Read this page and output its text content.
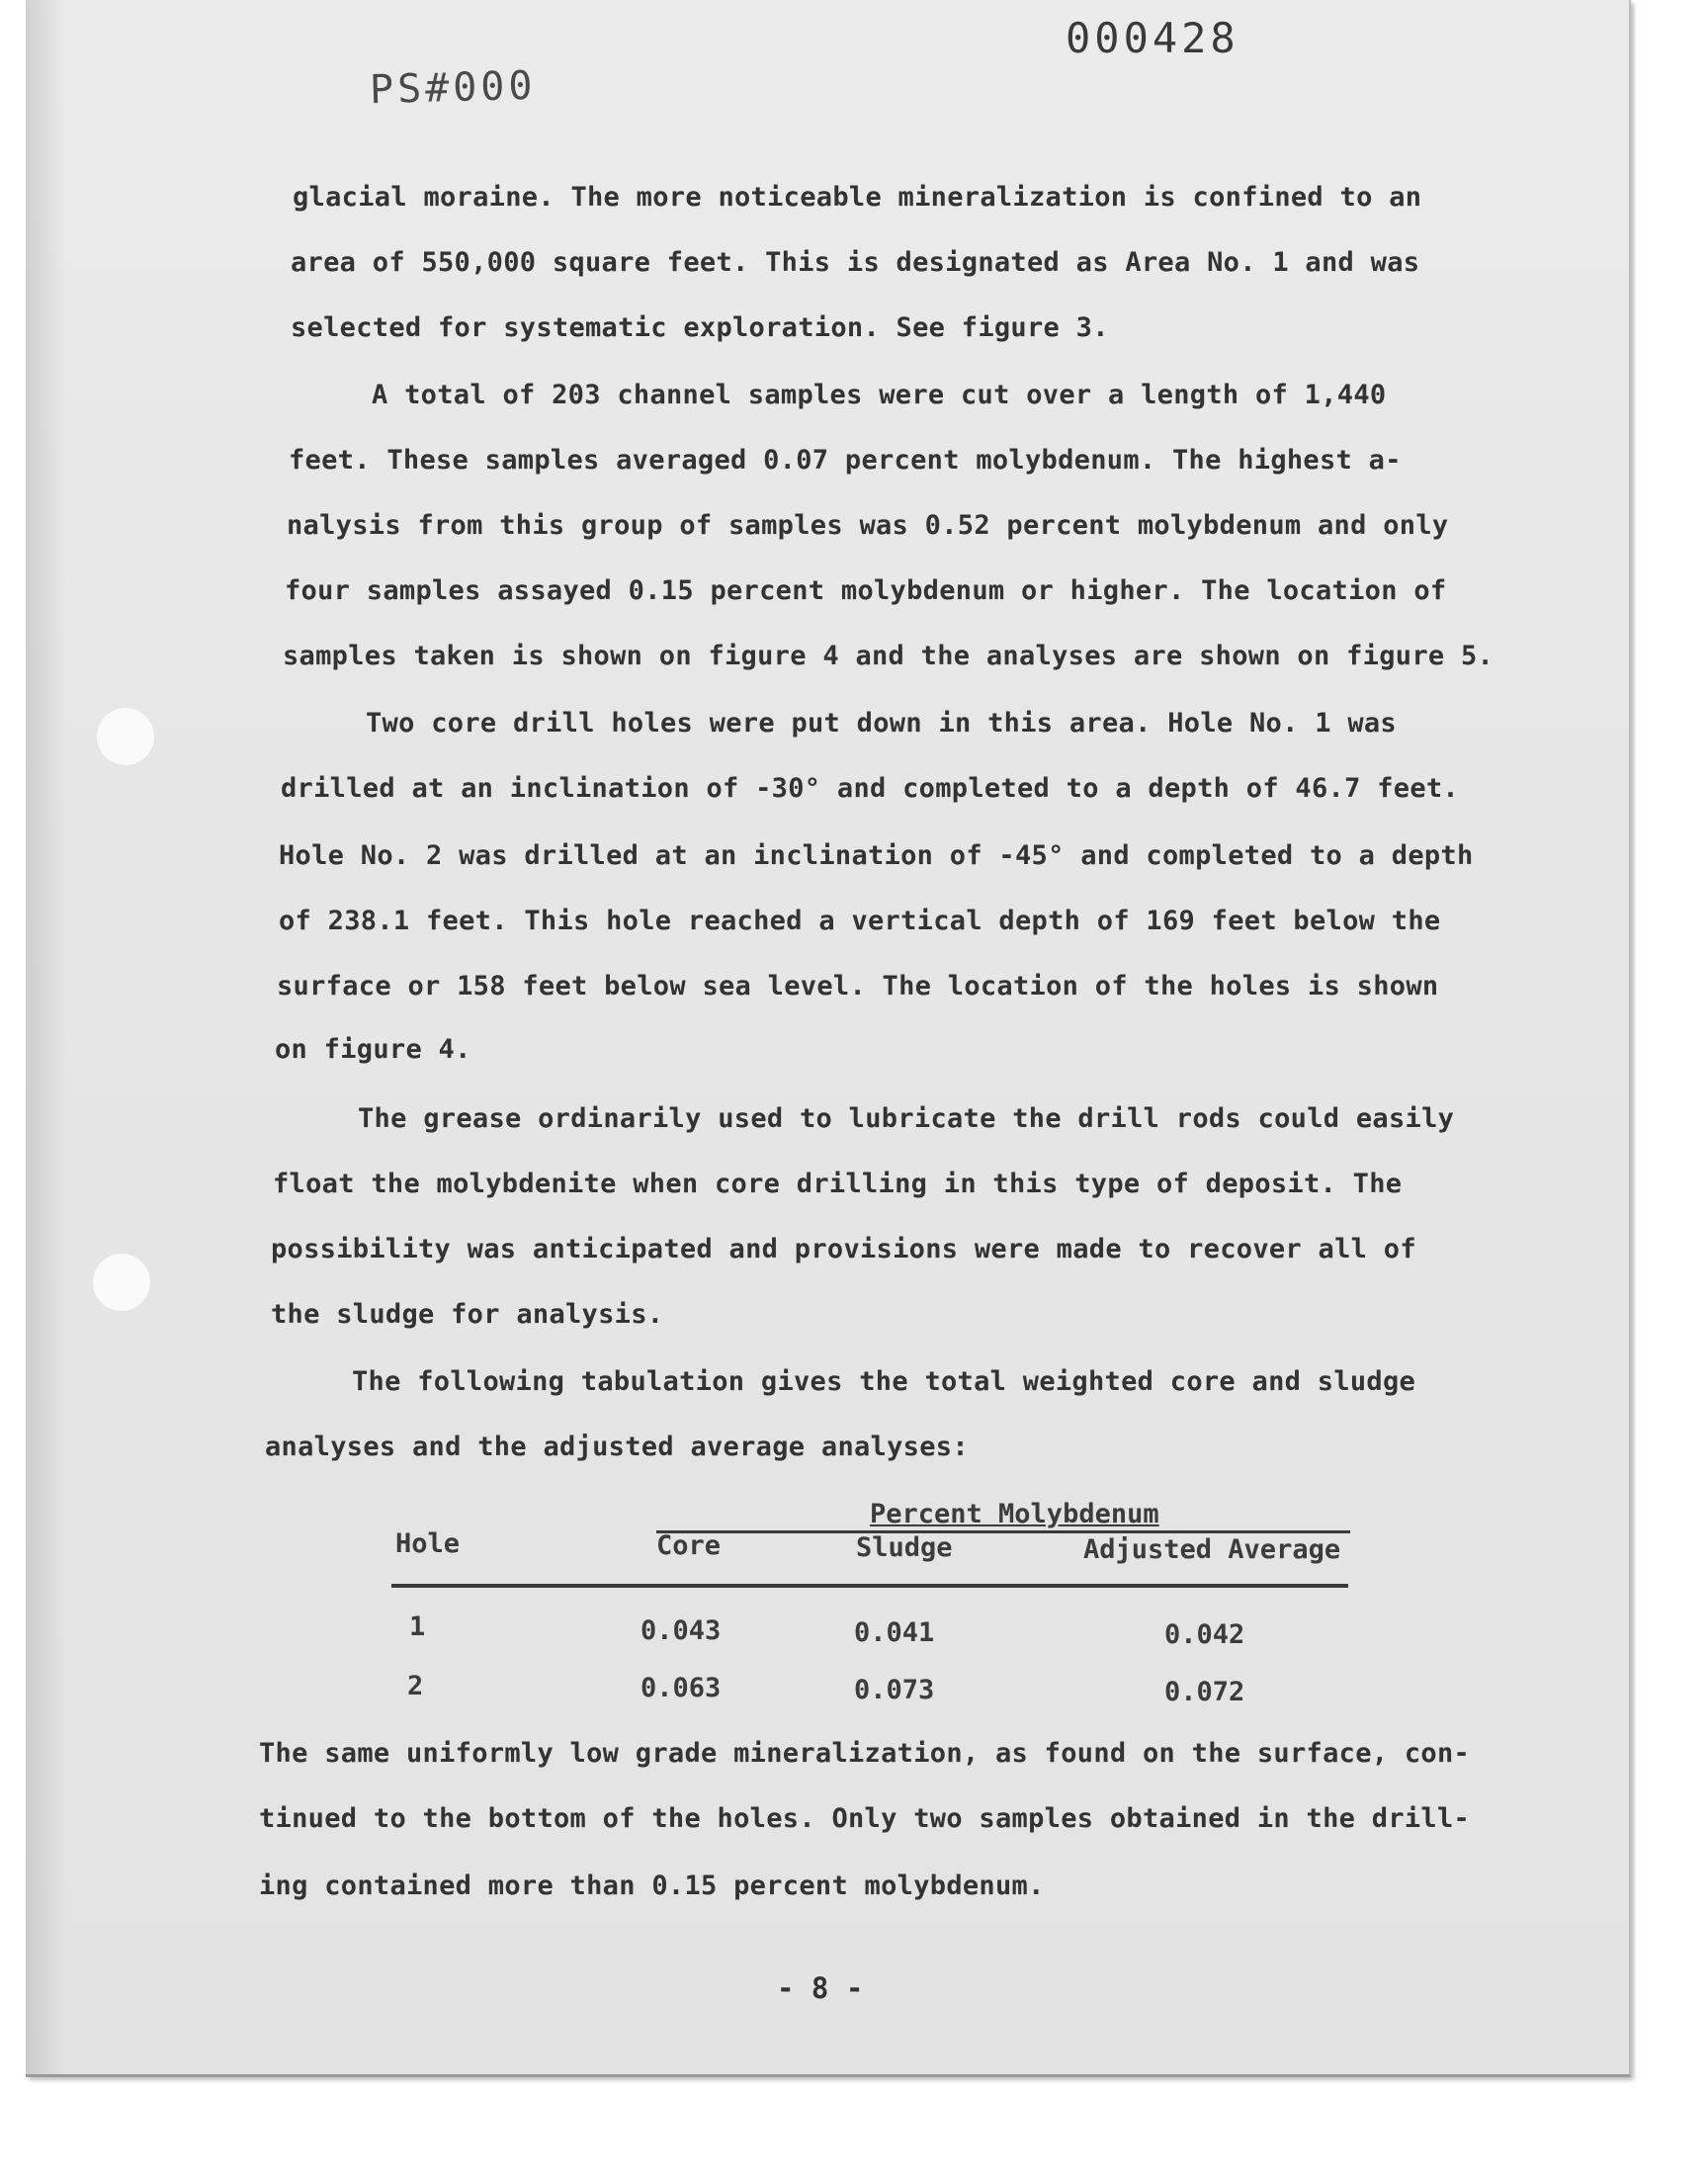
000428
PS#000
glacial moraine. The more noticeable mineralization is confined to an
area of 550,000 square feet. This is designated as Area No. 1 and was
selected for systematic exploration. See figure 3.
A total of 203 channel samples were cut over a length of 1,440
feet. These samples averaged 0.07 percent molybdenum. The highest a-
nalysis from this group of samples was 0.52 percent molybdenum and only
four samples assayed 0.15 percent molybdenum or higher. The location of
samples taken is shown on figure 4 and the analyses are shown on figure 5.
Two core drill holes were put down in this area. Hole No. 1 was
drilled at an inclination of -30° and completed to a depth of 46.7 feet.
Hole No. 2 was drilled at an inclination of -45° and completed to a depth
of 238.1 feet. This hole reached a vertical depth of 169 feet below the
surface or 158 feet below sea level. The location of the holes is shown
on figure 4.
The grease ordinarily used to lubricate the drill rods could easily
float the molybdenite when core drilling in this type of deposit. The
possibility was anticipated and provisions were made to recover all of
the sludge for analysis.
The following tabulation gives the total weighted core and sludge
analyses and the adjusted average analyses:
Percent Molybdenum
Hole	Core	Sludge	Adjusted Average
1	0.043	0.041	0.042
2	0.063	0.073	0.072
The same uniformly low grade mineralization, as found on the surface, con-
tinued to the bottom of the holes. Only two samples obtained in the drill-
ing contained more than 0.15 percent molybdenum.
- 8 -
